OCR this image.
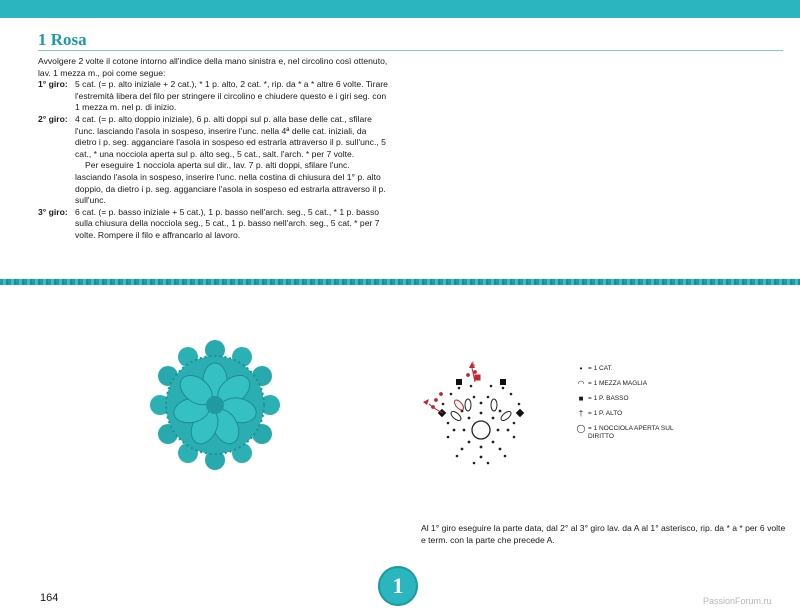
1 Rosa

Avvolgere 2 volte il cotone intorno all'indice della mano sinistra e, nel circolino così ottenuto, lav. 1 mezza m., poi come segue:

1° giro: 5 cat. (= p. alto iniziale + 2 cat.), * 1 p. alto, 2 cat. *, rip. da * a * altre 6 volte. Tirare l'estremità libera del filo per stringere il circolino e chiudere questo e i giri seg. con 1 mezza m. nel p. di inizio.
2° giro: 4 cat. (= p. alto doppio iniziale), 6 p. alti doppi sul p. alla base delle cat., sfilare l'unc. lasciando l'asola in sospeso, inserire l'unc. nella 4ª delle cat. iniziali, da dietro i p. seg. agganciare l'asola in sospeso ed estrarla attraverso il p. sull'unc., 5 cat., * una nocciola aperta sul p. alto seg., 5 cat., salt. l'arch. * per 7 volte.

Per eseguire 1 nocciola aperta sul dir., lav. 7 p. alti doppi, sfilare l'unc. lasciando l'asola in sospeso, inserire l'unc. nella costina di chiusura del 1° p. alto doppio, da dietro i p. seg. agganciare l'asola in sospeso ed estrarla attraverso il p. sull'unc.

3° giro: 6 cat. (= p. basso iniziale + 5 cat.), 1 p. basso nell'arch. seg., 5 cat., * 1 p. basso sulla chiusura della nocciola seg., 5 cat., 1 p. basso nell'arch. seg., 5 cat. * per 7 volte. Rompere il filo e affrancarlo al lavoro.
A	• = 1 CAT.
◠ = 1 MEZZA MAGLIA
■ = 1 P. BASSO
† = 1 P. ALTO
◯ = 1 NOCCIOLA APERTA SUL DIRITTO
Al 1° giro eseguire la parte data, dal 2° al 3° giro lav. da A al 1° asterisco, rip. da * a * per 6 volte e term. con la parte che precede A.
164	1
PassionForum.ru
